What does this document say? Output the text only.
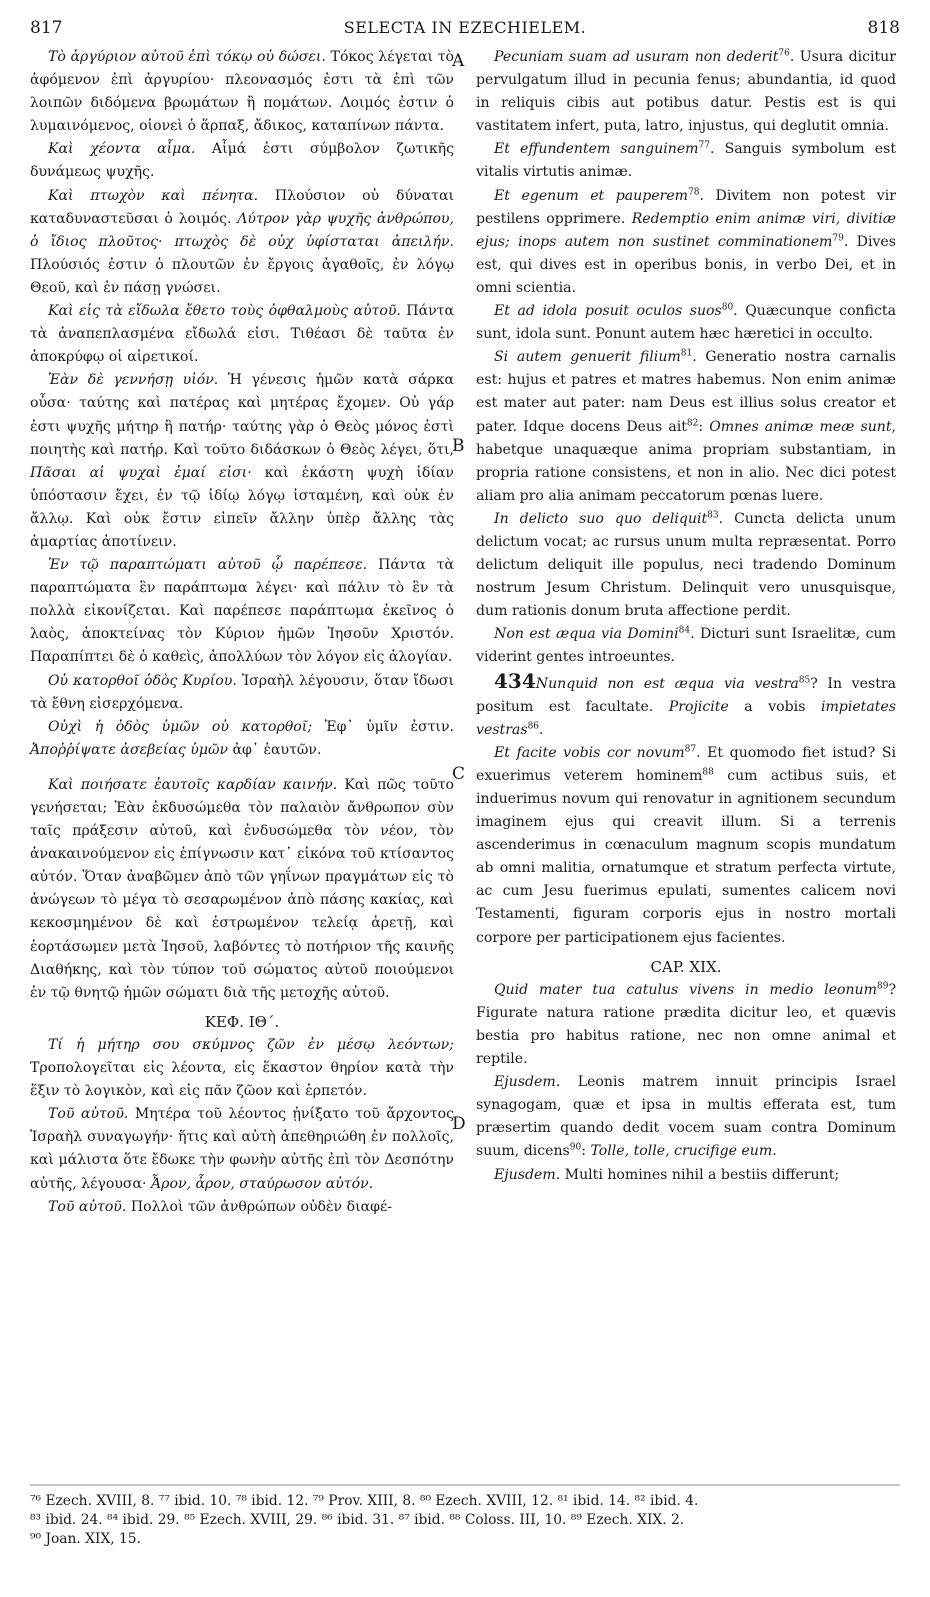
817	SELECTA IN EZECHIELEM.	818
A
B
C
D

Τὸ ἀργύριον αὐτοῦ ἐπὶ τόκῳ οὐ δώσει. Τόκος λέγεται τὸ ἀφόμενον ἐπὶ ἀργυρίου· πλεονασμός ἐστι τὰ ἐπὶ τῶν λοιπῶν διδόμενα βρωμάτων ἢ πομάτων. Λοιμός ἐστιν ὁ λυμαινόμενος, οἱονεὶ ὁ ἅρπαξ, ἄδικος, καταπίνων πάντα.

Καὶ χέοντα αἷμα. Αἷμά ἐστι σύμβολον ζωτικῆς δυνάμεως ψυχῆς.

Καὶ πτωχὸν καὶ πένητα. Πλούσιον οὐ δύναται καταδυναστεῦσαι ὁ λοιμός. Λύτρον γὰρ ψυχῆς ἀνθρώπου, ὁ ἴδιος πλοῦτος· πτωχὸς δὲ οὐχ ὑφίσταται ἀπειλήν. Πλούσιός ἐστιν ὁ πλουτῶν ἐν ἔργοις ἀγαθοῖς, ἐν λόγῳ Θεοῦ, καὶ ἐν πάσῃ γνώσει.

Καὶ εἰς τὰ εἴδωλα ἔθετο τοὺς ὀφθαλμοὺς αὐτοῦ. Πάντα τὰ ἀναπεπλασμένα εἴδωλά εἰσι. Τιθέασι δὲ ταῦτα ἐν ἀποκρύφῳ οἱ αἱρετικοί.

Ἐὰν δὲ γεννήσῃ υἱόν. Ἡ γένεσις ἡμῶν κατὰ σάρκα οὖσα· ταύτης καὶ πατέρας καὶ μητέρας ἔχομεν. Οὐ γάρ ἐστι ψυχῆς μήτηρ ἢ πατήρ· ταύτης γὰρ ὁ Θεὸς μόνος ἐστὶ ποιητὴς καὶ πατήρ. Καὶ τοῦτο διδάσκων ὁ Θεὸς λέγει, ὅτι, Πᾶσαι αἱ ψυχαὶ ἐμαί εἰσι· καὶ ἑκάστη ψυχὴ ἰδίαν ὑπόστασιν ἔχει, ἐν τῷ ἰδίῳ λόγῳ ἱσταμένη, καὶ οὐκ ἐν ἄλλῳ. Καὶ οὐκ ἔστιν εἰπεῖν ἄλλην ὑπὲρ ἄλλης τὰς ἁμαρτίας ἀποτίνειν.

Ἐν τῷ παραπτώματι αὐτοῦ ᾧ παρέπεσε. Πάντα τὰ παραπτώματα ἓν παράπτωμα λέγει· καὶ πάλιν τὸ ἓν τὰ πολλὰ εἰκονίζεται. Καὶ παρέπεσε παράπτωμα ἐκεῖνος ὁ λαὸς, ἀποκτείνας τὸν Κύριον ἡμῶν Ἰησοῦν Χριστόν. Παραπίπτει δὲ ὁ καθεὶς, ἀπολλύων τὸν λόγον εἰς ἀλογίαν.

Οὐ κατορθοῖ ὁδὸς Κυρίου. Ἰσραὴλ λέγουσιν, ὅταν ἴδωσι τὰ ἔθνη εἰσερχόμενα.

Οὐχὶ ἡ ὁδὸς ὑμῶν οὐ κατορθοῖ; Ἐφ᾽ ὑμῖν ἐστιν. Ἀποῤῥίψατε ἀσεβείας ὑμῶν ἀφ᾽ ἑαυτῶν.

Καὶ ποιήσατε ἑαυτοῖς καρδίαν καινήν. Καὶ πῶς τοῦτο γενήσεται; Ἐὰν ἐκδυσώμεθα τὸν παλαιὸν ἄνθρωπον σὺν ταῖς πράξεσιν αὐτοῦ, καὶ ἐνδυσώμεθα τὸν νέον, τὸν ἀνακαινούμενον εἰς ἐπίγνωσιν κατ᾽ εἰκόνα τοῦ κτίσαντος αὐτόν. Ὅταν ἀναβῶμεν ἀπὸ τῶν γηΐνων πραγμάτων εἰς τὸ ἀνώγεων τὸ μέγα τὸ σεσαρωμένον ἀπὸ πάσης κακίας, καὶ κεκοσμημένον δὲ καὶ ἐστρωμένον τελείᾳ ἀρετῇ, καὶ ἑορτάσωμεν μετὰ Ἰησοῦ, λαβόντες τὸ ποτήριον τῆς καινῆς Διαθήκης, καὶ τὸν τύπον τοῦ σώματος αὐτοῦ ποιούμενοι ἐν τῷ θνητῷ ἡμῶν σώματι διὰ τῆς μετοχῆς αὐτοῦ.

ΚΕΦ. ΙΘ΄.

Τί ἡ μήτηρ σου σκύμνος ζῶν ἐν μέσῳ λεόντων; Τροπολογεῖται εἰς λέοντα, εἰς ἕκαστον θηρίον κατὰ τὴν ἕξιν τὸ λογικὸν, καὶ εἰς πᾶν ζῶον καὶ ἑρπετόν.

Τοῦ αὐτοῦ. Μητέρα τοῦ λέοντος ᾐνίξατο τοῦ ἄρχοντος Ἰσραὴλ συναγωγήν· ἥτις καὶ αὐτὴ ἀπεθηριώθη ἐν πολλοῖς, καὶ μάλιστα ὅτε ἔδωκε τὴν φωνὴν αὐτῆς ἐπὶ τὸν Δεσπότην αὐτῆς, λέγουσα· Ἆρον, ἆρον, σταύρωσον αὐτόν.

Τοῦ αὐτοῦ. Πολλοὶ τῶν ἀνθρώπων οὐδὲν διαφέ-

Pecuniam suam ad usuram non dederit$^{76}$. Usura dicitur pervulgatum illud in pecunia fenus; abundantia, id quod in reliquis cibis aut potibus datur. Pestis est is qui vastitatem infert, puta, latro, injustus, qui deglutit omnia.

Et effundentem sanguinem$^{77}$. Sanguis symbolum est vitalis virtutis animæ.

Et egenum et pauperem$^{78}$. Divitem non potest vir pestilens opprimere. Redemptio enim animæ viri, divitiæ ejus; inops autem non sustinet comminationem$^{79}$. Dives est, qui dives est in operibus bonis, in verbo Dei, et in omni scientia.

Et ad idola posuit oculos suos$^{80}$. Quæcunque conficta sunt, idola sunt. Ponunt autem hæc hæretici in occulto.

Si autem genuerit filium$^{81}$. Generatio nostra carnalis est: hujus et patres et matres habemus. Non enim animæ est mater aut pater: nam Deus est illius solus creator et pater. Idque docens Deus ait$^{82}$: Omnes animæ meæ sunt, habetque unaquæque anima propriam substantiam, in propria ratione consistens, et non in alio. Nec dici potest aliam pro alia animam peccatorum pœnas luere.

In delicto suo quo deliquit$^{83}$. Cuncta delicta unum delictum vocat; ac rursus unum multa repræsentat. Porro delictum deliquit ille populus, neci tradendo Dominum nostrum Jesum Christum. Delinquit vero unusquisque, dum rationis donum bruta affectione perdit.

Non est æqua via Domini$^{84}$. Dicturi sunt Israelitæ, cum viderint gentes introeuntes.

434Nunquid non est æqua via vestra$^{85}$? In vestra positum est facultate. Projicite a vobis impietates vestras$^{86}$.

Et facite vobis cor novum$^{87}$. Et quomodo fiet istud? Si exuerimus veterem hominem$^{88}$ cum actibus suis, et induerimus novum qui renovatur in agnitionem secundum imaginem ejus qui creavit illum. Si a terrenis ascenderimus in cœnaculum magnum scopis mundatum ab omni malitia, ornatumque et stratum perfecta virtute, ac cum Jesu fuerimus epulati, sumentes calicem novi Testamenti, figuram corporis ejus in nostro mortali corpore per participationem ejus facientes.

CAP. XIX.

Quid mater tua catulus vivens in medio leonum$^{89}$? Figurate natura ratione prædita dicitur leo, et quævis bestia pro habitus ratione, nec non omne animal et reptile.

Ejusdem. Leonis matrem innuit principis Israel synagogam, quæ et ipsa in multis efferata est, tum præsertim quando dedit vocem suam contra Dominum suum, dicens$^{90}$: Tolle, tolle, crucifige eum.

Ejusdem. Multi homines nihil a bestiis differunt;

⁷⁶ Ezech. XVIII, 8. ⁷⁷ ibid. 10. ⁷⁸ ibid. 12. ⁷⁹ Prov. XIII, 8. ⁸⁰ Ezech. XVIII, 12. ⁸¹ ibid. 14. ⁸² ibid. 4.

⁸³ ibid. 24. ⁸⁴ ibid. 29. ⁸⁵ Ezech. XVIII, 29. ⁸⁶ ibid. 31. ⁸⁷ ibid. ⁸⁸ Coloss. III, 10. ⁸⁹ Ezech. XIX. 2.

⁹⁰ Joan. XIX, 15.
